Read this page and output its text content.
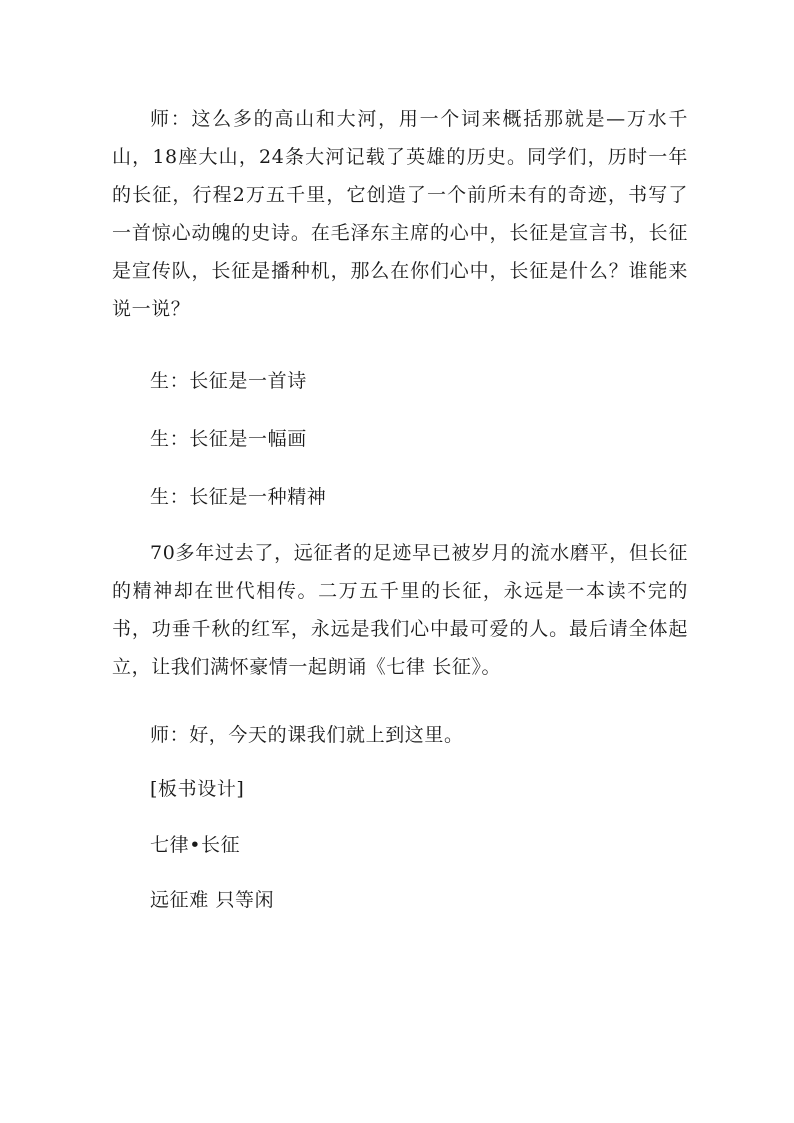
师：这么多的高山和大河，用一个词来概括那就是—万水千山，18座大山，24条大河记载了英雄的历史。同学们，历时一年的长征，行程2万五千里，它创造了一个前所未有的奇迹，书写了一首惊心动魄的史诗。在毛泽东主席的心中，长征是宣言书，长征是宣传队，长征是播种机，那么在你们心中，长征是什么？谁能来说一说？

生：长征是一首诗
生：长征是一幅画
生：长征是一种精神

70多年过去了，远征者的足迹早已被岁月的流水磨平，但长征的精神却在世代相传。二万五千里的长征，永远是一本读不完的书，功垂千秋的红军，永远是我们心中最可爱的人。最后请全体起立，让我们满怀豪情一起朗诵《七律 长征》。

师：好，今天的课我们就上到这里。
[板书设计]
七律•长征
远征难 只等闲
